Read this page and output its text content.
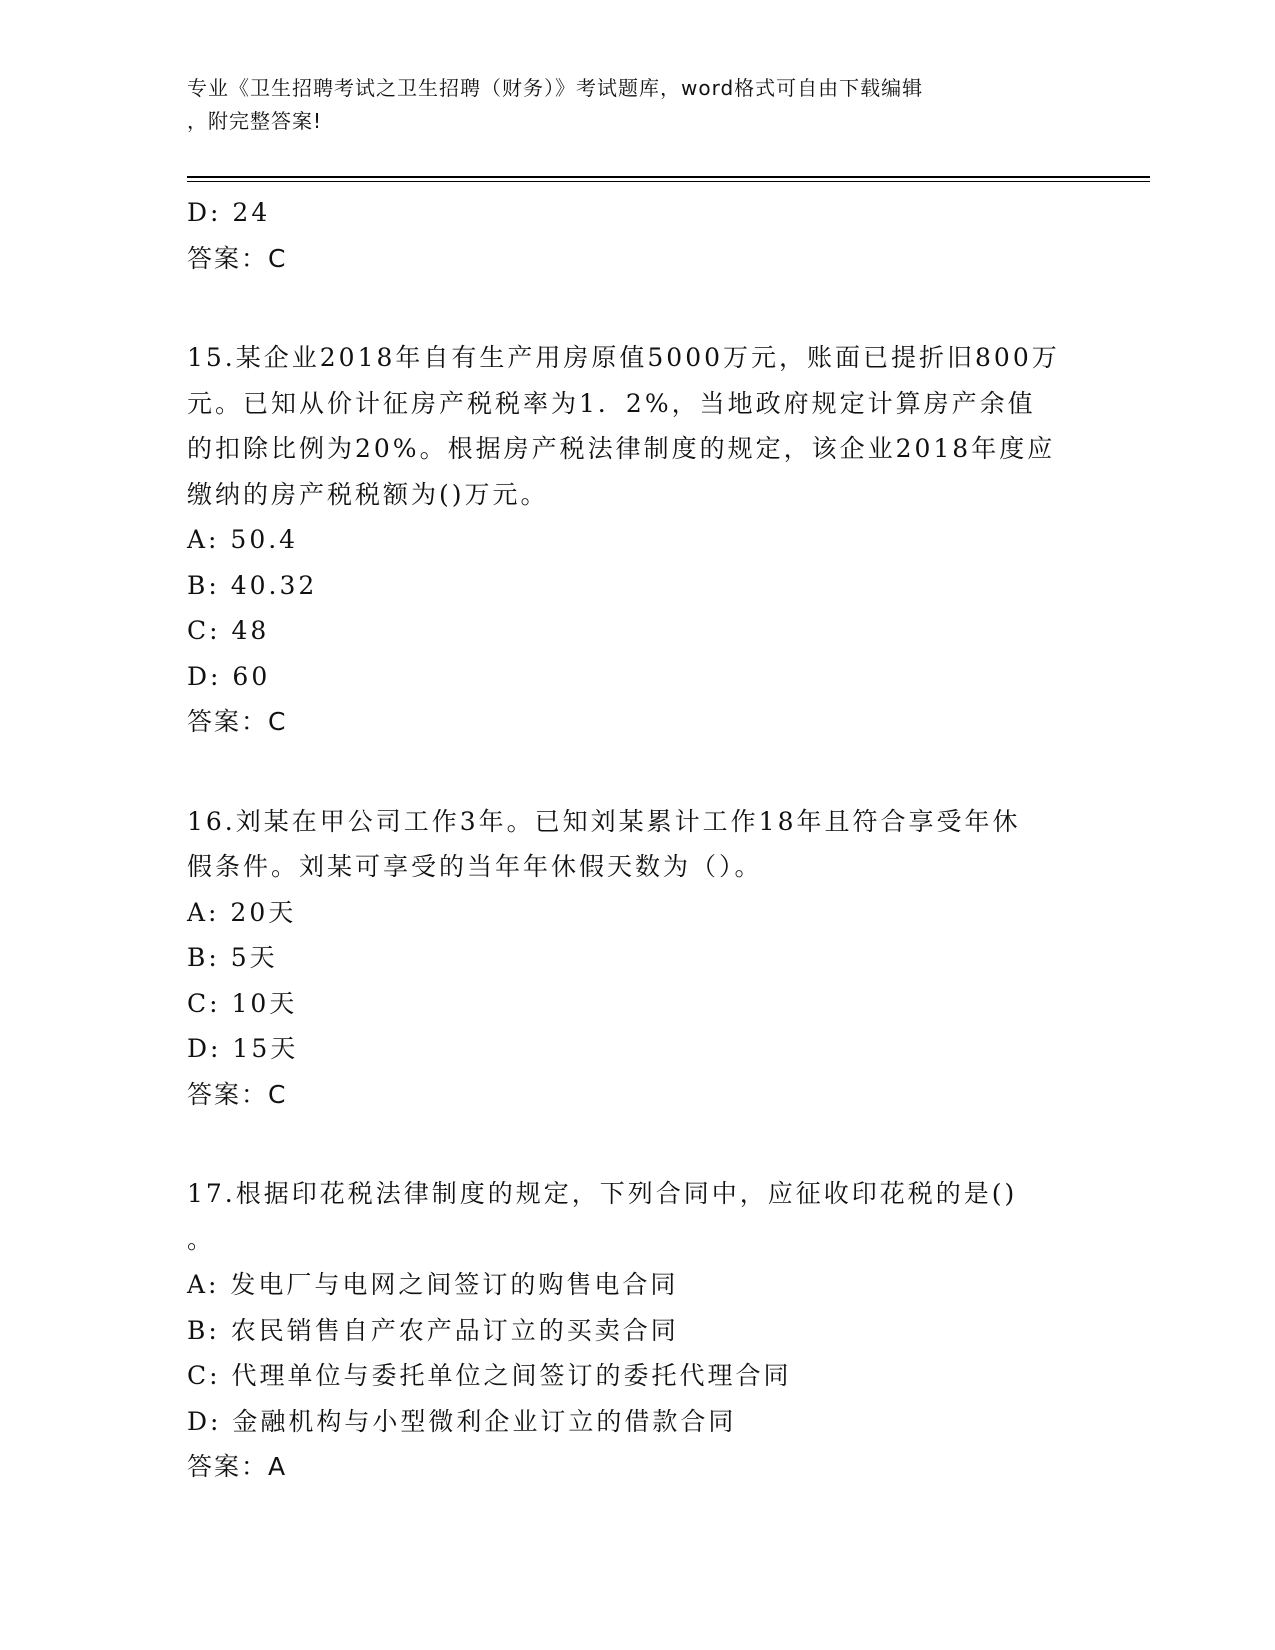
专业《卫生招聘考试之卫生招聘（财务）》考试题库，word格式可自由下载编辑
，附完整答案!

D: 24

答案：C

15.某企业2018年自有生产用房原值5000万元，账面已提折旧800万

元。已知从价计征房产税税率为1．2%，当地政府规定计算房产余值

的扣除比例为20%。根据房产税法律制度的规定，该企业2018年度应

缴纳的房产税税额为()万元。

A: 50.4

B: 40.32

C: 48

D: 60

答案：C

16.刘某在甲公司工作3年。已知刘某累计工作18年且符合享受年休

假条件。刘某可享受的当年年休假天数为（）。

A: 20天

B: 5天

C: 10天

D: 15天

答案：C

17.根据印花税法律制度的规定，下列合同中，应征收印花税的是()

。

A: 发电厂与电网之间签订的购售电合同

B: 农民销售自产农产品订立的买卖合同

C: 代理单位与委托单位之间签订的委托代理合同

D: 金融机构与小型微利企业订立的借款合同

答案：A
